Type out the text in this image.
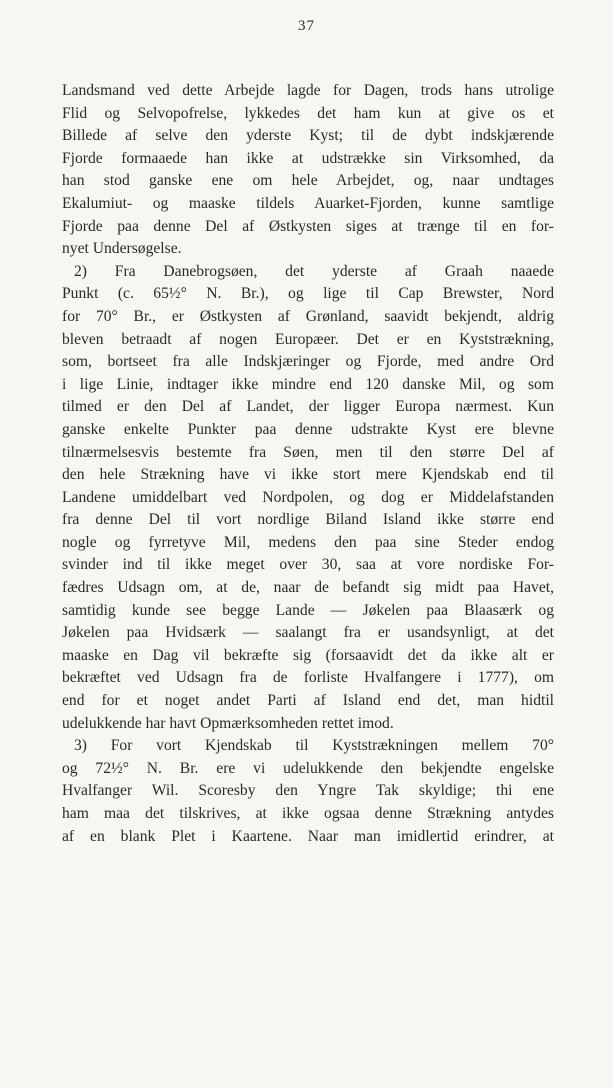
37
Landsmand ved dette Arbejde lagde for Dagen, trods hans utrolige
Flid og Selvopofrelse, lykkedes det ham kun at give os et
Billede af selve den yderste Kyst; til de dybt indskjærende
Fjorde formaaede han ikke at udstrække sin Virksomhed, da
han stod ganske ene om hele Arbejdet, og, naar undtages
Ekalumiut- og maaske tildels Auarket-Fjorden, kunne samtlige
Fjorde paa denne Del af Østkysten siges at trænge til en for-
nyet Undersøgelse.
2) Fra Danebrogsøen, det yderste af Graah naaede
Punkt (c. 65½° N. Br.), og lige til Cap Brewster, Nord
for 70° Br., er Østkysten af Grønland, saavidt bekjendt, aldrig
bleven betraadt af nogen Europæer. Det er en Kyststrækning,
som, bortseet fra alle Indskjæringer og Fjorde, med andre Ord
i lige Linie, indtager ikke mindre end 120 danske Mil, og som
tilmed er den Del af Landet, der ligger Europa nærmest. Kun
ganske enkelte Punkter paa denne udstrakte Kyst ere blevne
tilnærmelsesvis bestemte fra Søen, men til den større Del af
den hele Strækning have vi ikke stort mere Kjendskab end til
Landene umiddelbart ved Nordpolen, og dog er Middelafstanden
fra denne Del til vort nordlige Biland Island ikke større end
nogle og fyrretyve Mil, medens den paa sine Steder endog
svinder ind til ikke meget over 30, saa at vore nordiske For-
fædres Udsagn om, at de, naar de befandt sig midt paa Havet,
samtidig kunde see begge Lande — Jøkelen paa Blaasærk og
Jøkelen paa Hvidsærk — saalangt fra er usandsynligt, at det
maaske en Dag vil bekræfte sig (forsaavidt det da ikke alt er
bekræftet ved Udsagn fra de forliste Hvalfangere i 1777), om
end for et noget andet Parti af Island end det, man hidtil
udelukkende har havt Opmærksomheden rettet imod.
3) For vort Kjendskab til Kyststrækningen mellem 70°
og 72½° N. Br. ere vi udelukkende den bekjendte engelske
Hvalfanger Wil. Scoresby den Yngre Tak skyldige; thi ene
ham maa det tilskrives, at ikke ogsaa denne Strækning antydes
af en blank Plet i Kaartene. Naar man imidlertid erindrer, at
